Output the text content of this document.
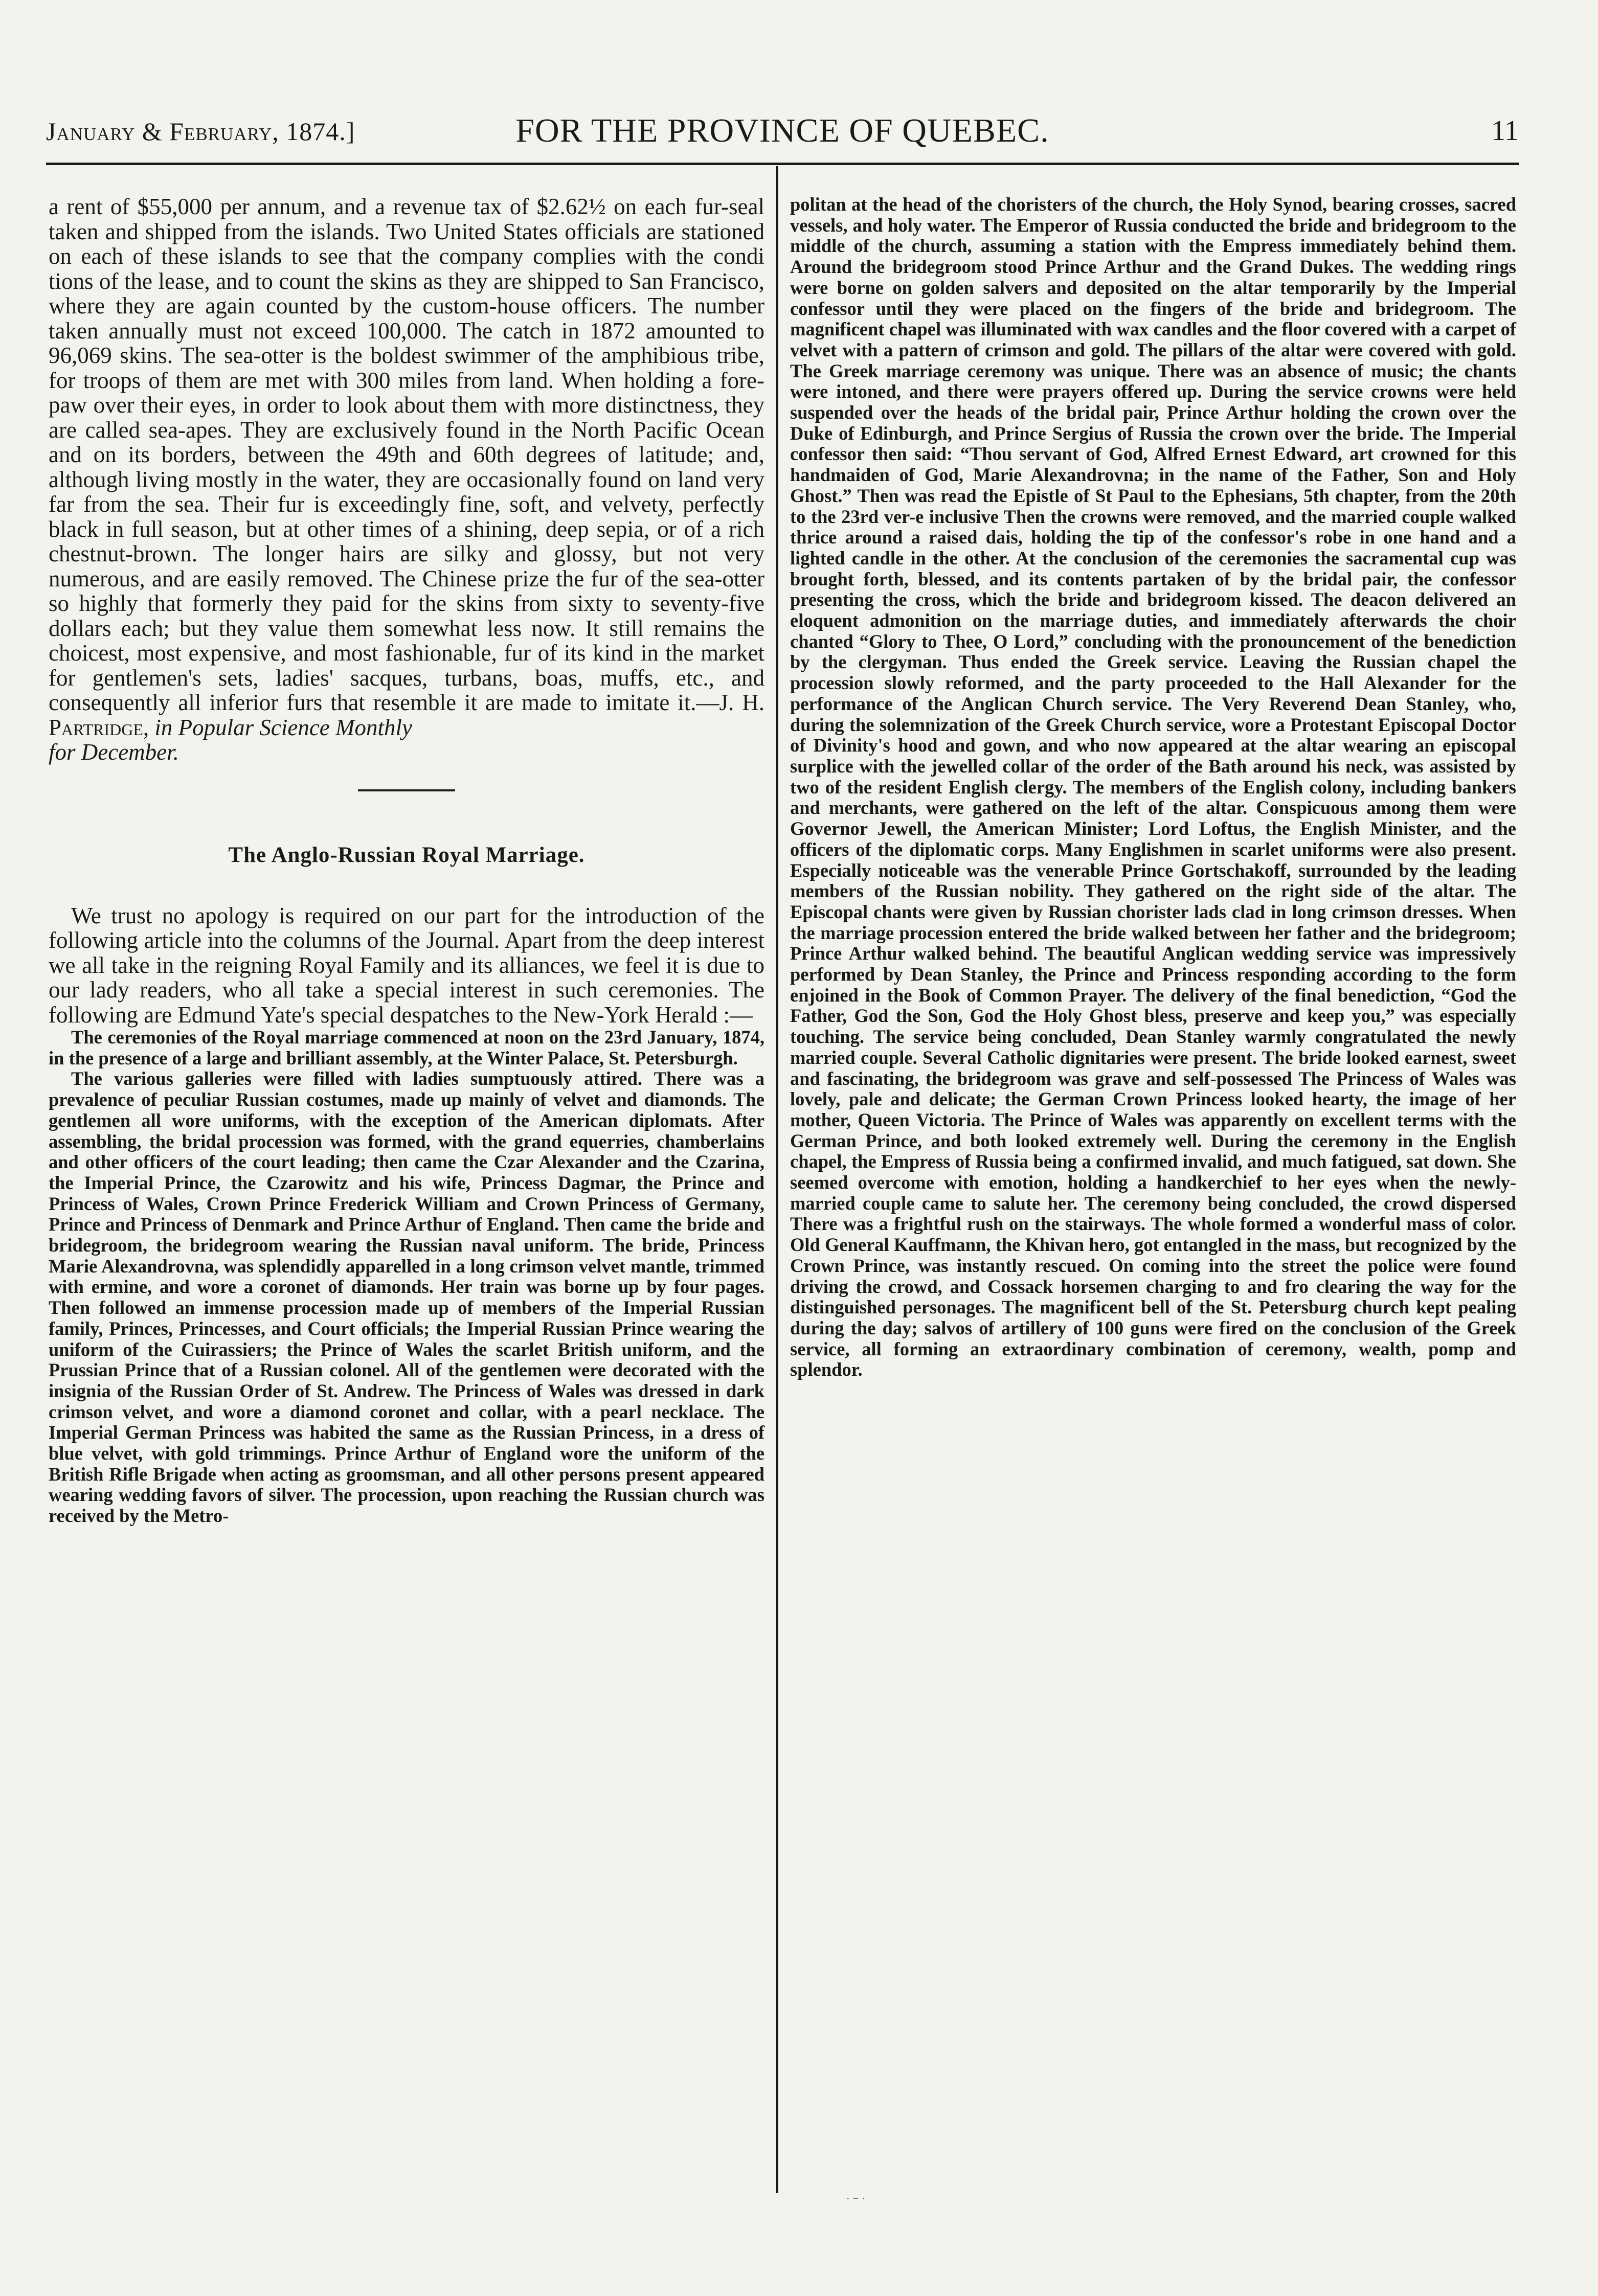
January & February, 1874.]	FOR THE PROVINCE OF QUEBEC.	11

a rent of $55,000 per annum, and a revenue tax of $2.62½ on each fur-seal taken and shipped from the islands. Two United States officials are stationed on each of these islands to see that the company complies with the condi tions of the lease, and to count the skins as they are shipped to San Francisco, where they are again counted by the custom-house officers. The number taken annually must not exceed 100,000. The catch in 1872 amounted to 96,069 skins. The sea-otter is the boldest swimmer of the amphibious tribe, for troops of them are met with 300 miles from land. When holding a fore-paw over their eyes, in order to look about them with more distinctness, they are called sea-apes. They are exclusively found in the North Pacific Ocean and on its borders, between the 49th and 60th degrees of latitude; and, although living mostly in the water, they are occasionally found on land very far from the sea. Their fur is exceedingly fine, soft, and velvety, perfectly black in full season, but at other times of a shining, deep sepia, or of a rich chestnut-brown. The longer hairs are silky and glossy, but not very numerous, and are easily removed. The Chinese prize the fur of the sea-otter so highly that formerly they paid for the skins from sixty to seventy-five dollars each; but they value them somewhat less now. It still remains the choicest, most expensive, and most fashionable, fur of its kind in the market for gentlemen's sets, ladies' sacques, turbans, boas, muffs, etc., and consequently all inferior furs that resemble it are made to imitate it.—J. H. Partridge, in Popular Science Monthly

for December.

The Anglo-Russian Royal Marriage.

We trust no apology is required on our part for the introduction of the following article into the columns of the Journal. Apart from the deep interest we all take in the reigning Royal Family and its alliances, we feel it is due to our lady readers, who all take a special interest in such ceremonies. The following are Edmund Yate's special despatches to the New-York Herald :—

The ceremonies of the Royal marriage commenced at noon on the 23rd January, 1874, in the presence of a large and brilliant assembly, at the Winter Palace, St. Petersburgh.

The various galleries were filled with ladies sumptuously attired. There was a prevalence of peculiar Russian costumes, made up mainly of velvet and diamonds. The gentlemen all wore uniforms, with the exception of the American diplomats. After assembling, the bridal procession was formed, with the grand equerries, chamberlains and other officers of the court leading; then came the Czar Alexander and the Czarina, the Imperial Prince, the Czarowitz and his wife, Princess Dagmar, the Prince and Princess of Wales, Crown Prince Frederick William and Crown Princess of Germany, Prince and Princess of Denmark and Prince Arthur of England. Then came the bride and bridegroom, the bridegroom wearing the Russian naval uniform. The bride, Princess Marie Alexandrovna, was splendidly apparelled in a long crimson velvet mantle, trimmed with ermine, and wore a coronet of diamonds. Her train was borne up by four pages. Then followed an immense procession made up of members of the Imperial Russian family, Princes, Princesses, and Court officials; the Imperial Russian Prince wearing the uniform of the Cuirassiers; the Prince of Wales the scarlet British uniform, and the Prussian Prince that of a Russian colonel. All of the gentlemen were decorated with the insignia of the Russian Order of St. Andrew. The Princess of Wales was dressed in dark crimson velvet, and wore a diamond coronet and collar, with a pearl necklace. The Imperial German Princess was habited the same as the Russian Princess, in a dress of blue velvet, with gold trimmings. Prince Arthur of England wore the uniform of the British Rifle Brigade when acting as groomsman, and all other persons present appeared wearing wedding favors of silver. The procession, upon reaching the Russian church was received by the Metro-

politan at the head of the choristers of the church, the Holy Synod, bearing crosses, sacred vessels, and holy water. The Emperor of Russia conducted the bride and bridegroom to the middle of the church, assuming a station with the Empress immediately behind them. Around the bridegroom stood Prince Arthur and the Grand Dukes. The wedding rings were borne on golden salvers and deposited on the altar temporarily by the Imperial confessor until they were placed on the fingers of the bride and bridegroom. The magnificent chapel was illuminated with wax candles and the floor covered with a carpet of velvet with a pattern of crimson and gold. The pillars of the altar were covered with gold. The Greek marriage ceremony was unique. There was an absence of music; the chants were intoned, and there were prayers offered up. During the service crowns were held suspended over the heads of the bridal pair, Prince Arthur holding the crown over the Duke of Edinburgh, and Prince Sergius of Russia the crown over the bride. The Imperial confessor then said: “Thou servant of God, Alfred Ernest Edward, art crowned for this handmaiden of God, Marie Alexandrovna; in the name of the Father, Son and Holy Ghost.” Then was read the Epistle of St Paul to the Ephesians, 5th chapter, from the 20th to the 23rd ver-e inclusive Then the crowns were removed, and the married couple walked thrice around a raised dais, holding the tip of the confessor's robe in one hand and a lighted candle in the other. At the conclusion of the ceremonies the sacramental cup was brought forth, blessed, and its contents partaken of by the bridal pair, the confessor presenting the cross, which the bride and bridegroom kissed. The deacon delivered an eloquent admonition on the marriage duties, and immediately afterwards the choir chanted “Glory to Thee, O Lord,” concluding with the pronouncement of the benediction by the clergyman. Thus ended the Greek service. Leaving the Russian chapel the procession slowly reformed, and the party proceeded to the Hall Alexander for the performance of the Anglican Church service. The Very Reverend Dean Stanley, who, during the solemnization of the Greek Church service, wore a Protestant Episcopal Doctor of Divinity's hood and gown, and who now appeared at the altar wearing an episcopal surplice with the jewelled collar of the order of the Bath around his neck, was assisted by two of the resident English clergy. The members of the English colony, including bankers and merchants, were gathered on the left of the altar. Conspicuous among them were Governor Jewell, the American Minister; Lord Loftus, the English Minister, and the officers of the diplomatic corps. Many Englishmen in scarlet uniforms were also present. Especially noticeable was the venerable Prince Gortschakoff, surrounded by the leading members of the Russian nobility. They gathered on the right side of the altar. The Episcopal chants were given by Russian chorister lads clad in long crimson dresses. When the marriage procession entered the bride walked between her father and the bridegroom; Prince Arthur walked behind. The beautiful Anglican wedding service was impressively performed by Dean Stanley, the Prince and Princess responding according to the form enjoined in the Book of Common Prayer. The delivery of the final benediction, “God the Father, God the Son, God the Holy Ghost bless, preserve and keep you,” was especially touching. The service being concluded, Dean Stanley warmly congratulated the newly married couple. Several Catholic dignitaries were present. The bride looked earnest, sweet and fascinating, the bridegroom was grave and self-possessed The Princess of Wales was lovely, pale and delicate; the German Crown Princess looked hearty, the image of her mother, Queen Victoria. The Prince of Wales was apparently on excellent terms with the German Prince, and both looked extremely well. During the ceremony in the English chapel, the Empress of Russia being a confirmed invalid, and much fatigued, sat down. She seemed overcome with emotion, holding a handkerchief to her eyes when the newly-married couple came to salute her. The ceremony being concluded, the crowd dispersed There was a frightful rush on the stairways. The whole formed a wonderful mass of color. Old General Kauffmann, the Khivan hero, got entangled in the mass, but recognized by the Crown Prince, was instantly rescued. On coming into the street the police were found driving the crowd, and Cossack horsemen charging to and fro clearing the way for the distinguished personages. The magnificent bell of the St. Petersburg church kept pealing during the day; salvos of artillery of 100 guns were fired on the conclusion of the Greek service, all forming an extraordinary combination of ceremony, wealth, pomp and splendor.

·−·
